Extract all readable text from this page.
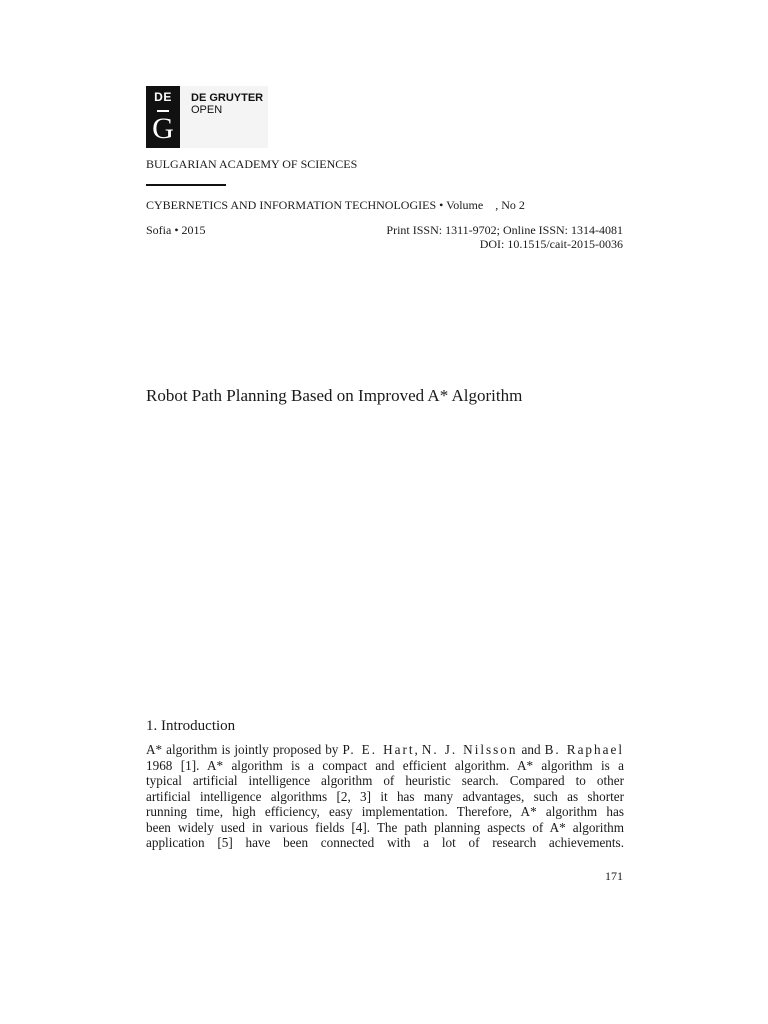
DE
G
DE GRUYTER
OPEN
BULGARIAN ACADEMY OF SCIENCES
CYBERNETICS AND INFORMATION TECHNOLOGIES • Volume , No 2
Sofia • 2015	Print ISSN: 1311-9702; Online ISSN: 1314-4081
DOI: 10.1515/cait-2015-0036
Robot Path Planning Based on Improved A* Algorithm
1. Introduction
A* algorithm is jointly proposed by P. E. Hart, N. J. Nilsson and B. Raphael
1968 [1]. A* algorithm is a compact and efficient algorithm. A* algorithm is a
typical artificial intelligence algorithm of heuristic search. Compared to other
artificial intelligence algorithms [2, 3] it has many advantages, such as shorter
running time, high efficiency, easy implementation. Therefore, A* algorithm has
been widely used in various fields [4]. The path planning aspects of A* algorithm
application [5] have been connected with a lot of research achievements.
171
